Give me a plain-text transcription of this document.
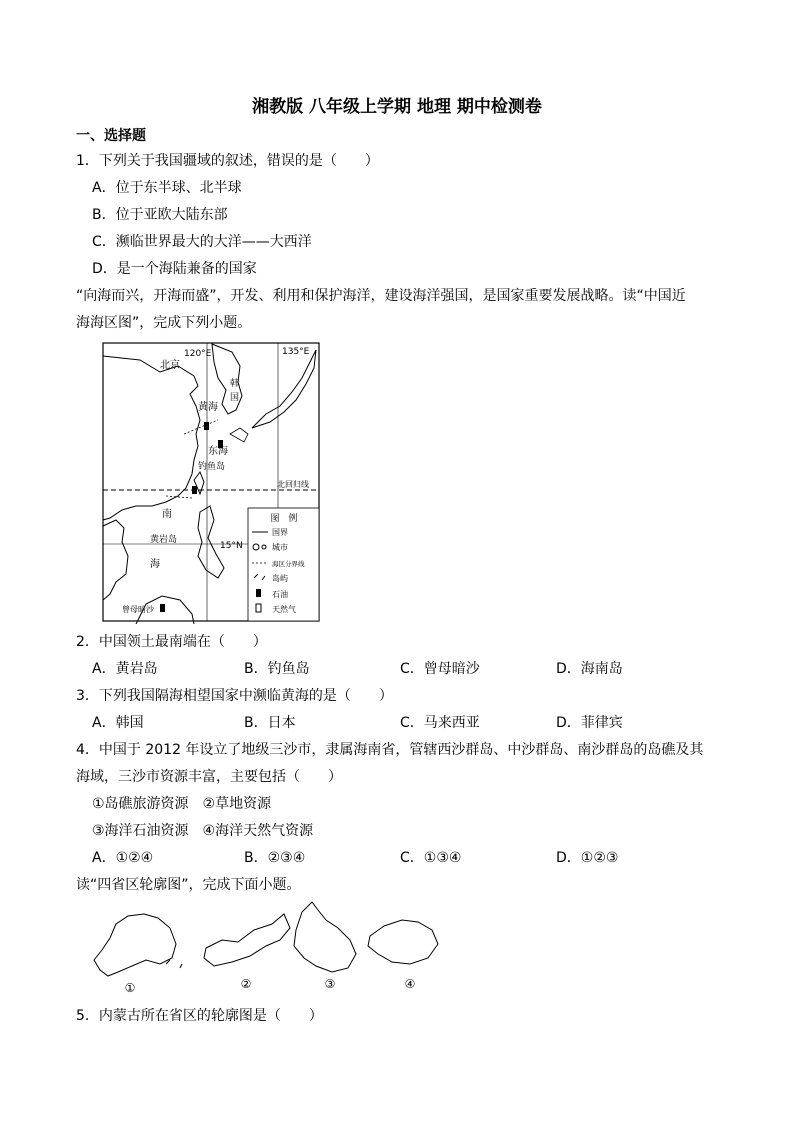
湘教版 八年级上学期 地理 期中检测卷
一、选择题
1．下列关于我国疆域的叙述，错误的是（　　）
A．位于东半球、北半球
B．位于亚欧大陆东部
C．濒临世界最大的大洋——大西洋
D．是一个海陆兼备的国家
“向海而兴，开海而盛”，开发、利用和保护海洋，建设海洋强国，是国家重要发展战略。读“中国近
海海区图”，完成下列小题。
图　例
国界
城市
海区分界线
岛屿
石油
天然气
120°E	135°E
北京
黄海
韩
国
东海
钓鱼岛
北回归线
南
黄岩岛
15°N
海
曾母暗沙
2．中国领土最南端在（　　）
A．黄岩岛	B．钓鱼岛	C．曾母暗沙	D．海南岛
3．下列我国隔海相望国家中濒临黄海的是（　　）
A．韩国	B．日本	C．马来西亚	D．菲律宾
4．中国于 2012 年设立了地级三沙市，隶属海南省，管辖西沙群岛、中沙群岛、南沙群岛的岛礁及其
海域，三沙市资源丰富，主要包括（　　）
①岛礁旅游资源　②草地资源
③海洋石油资源　④海洋天然气资源
A．①②④	B．②③④	C．①③④	D．①②③
读“四省区轮廓图”，完成下面小题。
①	②	③	④
5．内蒙古所在省区的轮廓图是（　　）
